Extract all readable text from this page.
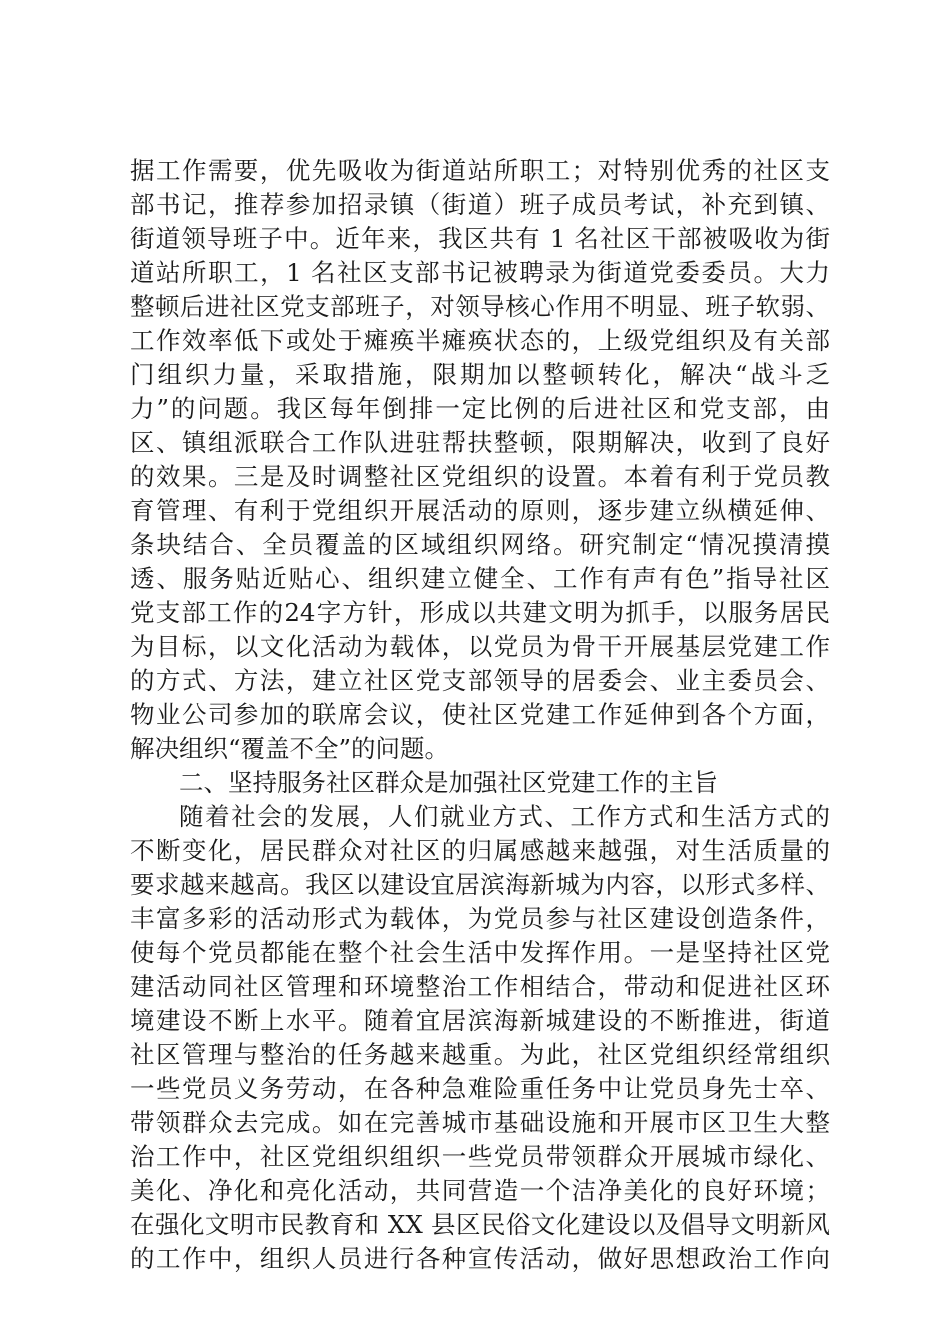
据工作需要，优先吸收为街道站所职工；对特别优秀的社区支
部书记，推荐参加招录镇（街道）班子成员考试，补充到镇、
街道领导班子中。近年来，我区共有 1 名社区干部被吸收为街
道站所职工，1 名社区支部书记被聘录为街道党委委员。大力
整顿后进社区党支部班子，对领导核心作用不明显、班子软弱、
工作效率低下或处于瘫痪半瘫痪状态的，上级党组织及有关部
门组织力量，采取措施，限期加以整顿转化，解决“战斗乏
力”的问题。我区每年倒排一定比例的后进社区和党支部，由
区、镇组派联合工作队进驻帮扶整顿，限期解决，收到了良好
的效果。三是及时调整社区党组织的设置。本着有利于党员教
育管理、有利于党组织开展活动的原则，逐步建立纵横延伸、
条块结合、全员覆盖的区域组织网络。研究制定“情况摸清摸
透、服务贴近贴心、组织建立健全、工作有声有色”指导社区
党支部工作的24字方针，形成以共建文明为抓手，以服务居民
为目标，以文化活动为载体，以党员为骨干开展基层党建工作
的方式、方法，建立社区党支部领导的居委会、业主委员会、
物业公司参加的联席会议，使社区党建工作延伸到各个方面，
解决组织“覆盖不全”的问题。
二、坚持服务社区群众是加强社区党建工作的主旨
随着社会的发展，人们就业方式、工作方式和生活方式的
不断变化，居民群众对社区的归属感越来越强，对生活质量的
要求越来越高。我区以建设宜居滨海新城为内容，以形式多样、
丰富多彩的活动形式为载体，为党员参与社区建设创造条件，
使每个党员都能在整个社会生活中发挥作用。一是坚持社区党
建活动同社区管理和环境整治工作相结合，带动和促进社区环
境建设不断上水平。随着宜居滨海新城建设的不断推进，街道
社区管理与整治的任务越来越重。为此，社区党组织经常组织
一些党员义务劳动，在各种急难险重任务中让党员身先士卒、
带领群众去完成。如在完善城市基础设施和开展市区卫生大整
治工作中，社区党组织组织一些党员带领群众开展城市绿化、
美化、净化和亮化活动，共同营造一个洁净美化的良好环境；
在强化文明市民教育和 XX 县区民俗文化建设以及倡导文明新风
的工作中，组织人员进行各种宣传活动，做好思想政治工作向
